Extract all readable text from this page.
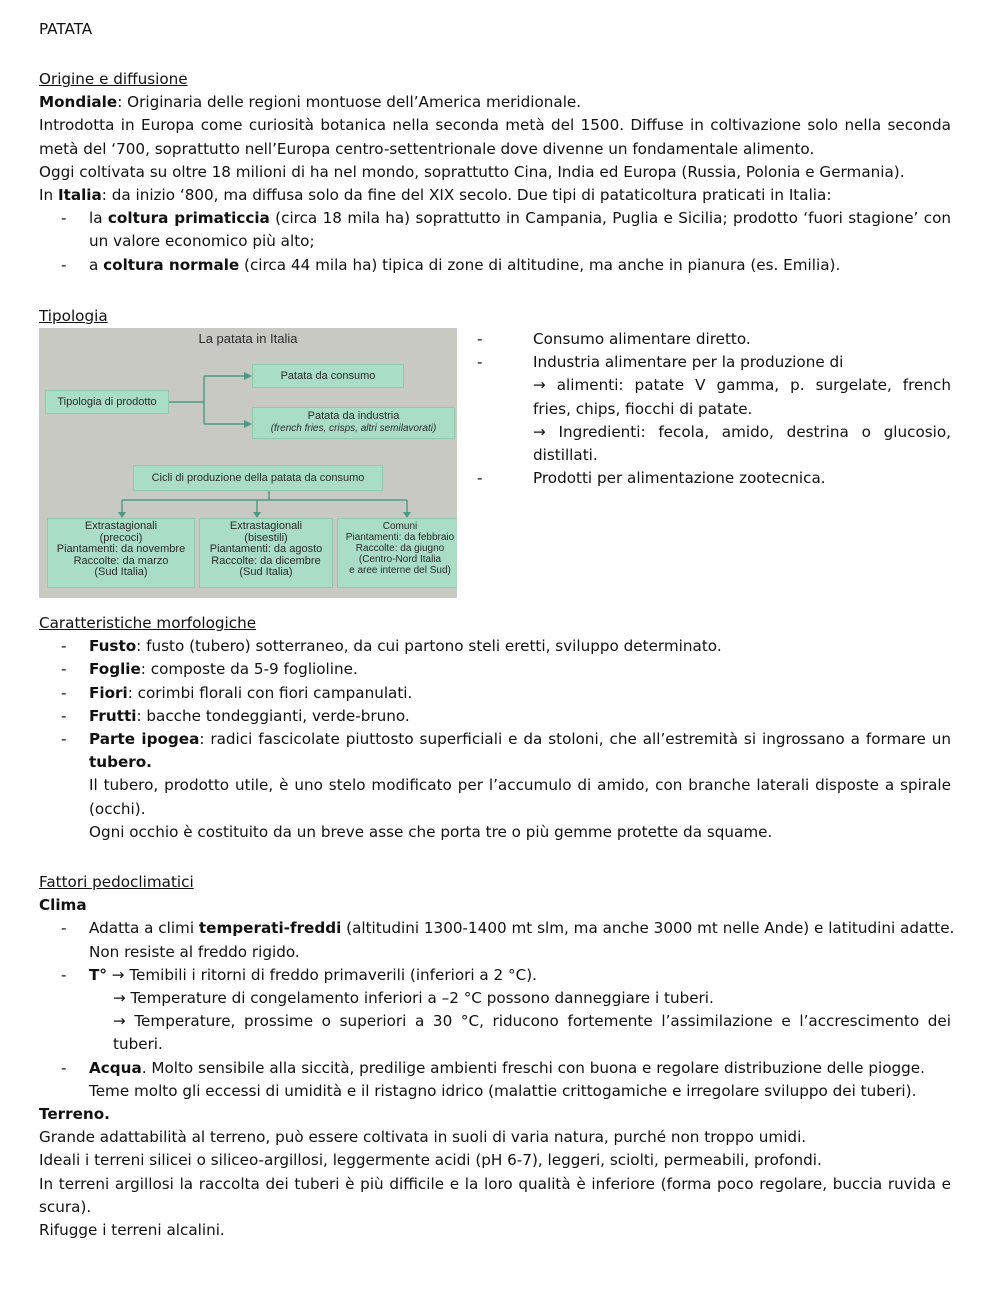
PATATA
Origine e diffusione
Mondiale: Originaria delle regioni montuose dell’America meridionale.
Introdotta in Europa come curiosità botanica nella seconda metà del 1500. Diffuse in coltivazione solo nella seconda
metà del ‘700, soprattutto nell’Europa centro-settentrionale dove divenne un fondamentale alimento.
Oggi coltivata su oltre 18 milioni di ha nel mondo, soprattutto Cina, India ed Europa (Russia, Polonia e Germania).
In Italia: da inizio ‘800, ma diffusa solo da fine del XIX secolo. Due tipi di pataticoltura praticati in Italia:
- la coltura primaticcia (circa 18 mila ha) soprattutto in Campania, Puglia e Sicilia; prodotto ‘fuori stagione’ con
un valore economico più alto;
- a coltura normale (circa 44 mila ha) tipica di zone di altitudine, ma anche in pianura (es. Emilia).
Tipologia
La patata in Italia
Tipologia di prodotto
Patata da consumo
Patata da industria
(french fries, crisps, altri semilavorati)
Cicli di produzione della patata da consumo
Extrastagionali
(precoci)
Piantamenti: da novembre
Raccolte: da marzo
(Sud Italia)
Extrastagionali
(bisestili)
Piantamenti: da agosto
Raccolte: da dicembre
(Sud Italia)
Comuni
Piantamenti: da febbraio
Raccolte: da giugno
(Centro-Nord Italia
e aree interne del Sud)
-
-
-
Consumo alimentare diretto.
Industria alimentare per la produzione di
→ alimenti: patate V gamma, p. surgelate, french
fries, chips, fiocchi di patate.
→ Ingredienti: fecola, amido, destrina o glucosio,
distillati.
Prodotti per alimentazione zootecnica.
Caratteristiche morfologiche
- Fusto: fusto (tubero) sotterraneo, da cui partono steli eretti, sviluppo determinato.
- Foglie: composte da 5-9 foglioline.
- Fiori: corimbi florali con fiori campanulati.
- Frutti: bacche tondeggianti, verde-bruno.
- Parte ipogea: radici fascicolate piuttosto superficiali e da stoloni, che all’estremità si ingrossano a formare un
tubero.
Il tubero, prodotto utile, è uno stelo modificato per l’accumulo di amido, con branche laterali disposte a spirale
(occhi).
Ogni occhio è costituito da un breve asse che porta tre o più gemme protette da squame.
Fattori pedoclimatici
Clima
- Adatta a climi temperati-freddi (altitudini 1300-1400 mt slm, ma anche 3000 mt nelle Ande) e latitudini adatte.
Non resiste al freddo rigido.
- T° → Temibili i ritorni di freddo primaverili (inferiori a 2 °C).
→ Temperature di congelamento inferiori a –2 °C possono danneggiare i tuberi.
→ Temperature, prossime o superiori a 30 °C, riducono fortemente l’assimilazione e l’accrescimento dei
tuberi.
- Acqua. Molto sensibile alla siccità, predilige ambienti freschi con buona e regolare distribuzione delle piogge.
Teme molto gli eccessi di umidità e il ristagno idrico (malattie crittogamiche e irregolare sviluppo dei tuberi).
Terreno.
Grande adattabilità al terreno, può essere coltivata in suoli di varia natura, purché non troppo umidi.
Ideali i terreni silicei o siliceo-argillosi, leggermente acidi (pH 6-7), leggeri, sciolti, permeabili, profondi.
In terreni argillosi la raccolta dei tuberi è più difficile e la loro qualità è inferiore (forma poco regolare, buccia ruvida e
scura).
Rifugge i terreni alcalini.
